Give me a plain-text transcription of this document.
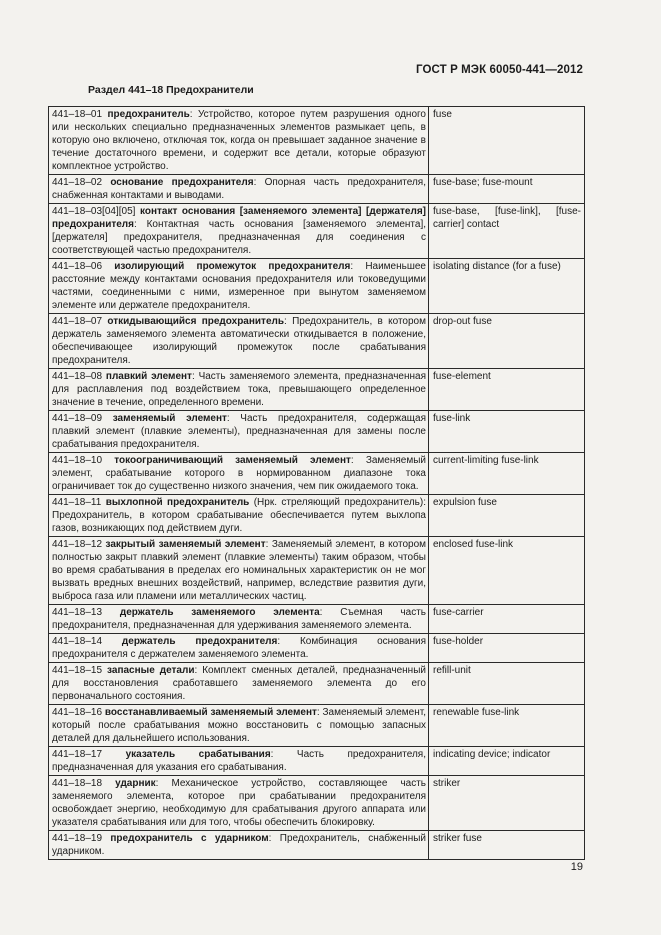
ГОСТ Р МЭК 60050-441—2012
Раздел 441–18 Предохранители
441–18–01 предохранитель: Устройство, которое путем разрушения одного или нескольких специально предназначенных элементов размыкает цепь, в которую оно включено, отключая ток, когда он превышает заданное значение в течение достаточного времени, и содержит все детали, которые образуют комплектное устройство.
fuse
441–18–02 основание предохранителя: Опорная часть предохранителя, снабженная контактами и выводами.
fuse-base; fuse-mount
441–18–03[04][05] контакт основания [заменяемого элемента] [держателя] предохранителя: Контактная часть основания [заменяемого элемента], [держателя] предохранителя, предназначенная для соединения с соответствующей частью предохранителя.
fuse-base, [fuse-link], [fuse-carrier] contact
441–18–06 изолирующий промежуток предохранителя: Наименьшее расстояние между контактами основания предохранителя или токоведущими частями, соединенными с ними, измеренное при вынутом заменяемом элементе или держателе предохранителя.
isolating distance (for a fuse)
441–18–07 откидывающийся предохранитель: Предохранитель, в котором держатель заменяемого элемента автоматически откидывается в положение, обеспечивающее изолирующий промежуток после срабатывания предохранителя.
drop-out fuse
441–18–08 плавкий элемент: Часть заменяемого элемента, предназначенная для расплавления под воздействием тока, превышающего определенное значение в течение, определенного времени.
fuse-element
441–18–09 заменяемый элемент: Часть предохранителя, содержащая плавкий элемент (плавкие элементы), предназначенная для замены после срабатывания предохранителя.
fuse-link
441–18–10 токоограничивающий заменяемый элемент: Заменяемый элемент, срабатывание которого в нормированном диапазоне тока ограничивает ток до существенно низкого значения, чем пик ожидаемого тока.
current-limiting fuse-link
441–18–11 выхлопной предохранитель (Нрк. стреляющий предохранитель): Предохранитель, в котором срабатывание обеспечивается путем выхлопа газов, возникающих под действием дуги.
expulsion fuse
441–18–12 закрытый заменяемый элемент: Заменяемый элемент, в котором полностью закрыт плавкий элемент (плавкие элементы) таким образом, чтобы во время срабатывания в пределах его номинальных характеристик он не мог вызвать вредных внешних воздействий, например, вследствие развития дуги, выброса газа или пламени или металлических частиц.
enclosed fuse-link
441–18–13 держатель заменяемого элемента: Съемная часть предохранителя, предназначенная для удерживания заменяемого элемента.
fuse-carrier
441–18–14 держатель предохранителя: Комбинация основания предохранителя с держателем заменяемого элемента.
fuse-holder
441–18–15 запасные детали: Комплект сменных деталей, предназначенный для восстановления сработавшего заменяемого элемента до его первоначального состояния.
refill-unit
441–18–16 восстанавливаемый заменяемый элемент: Заменяемый элемент, который после срабатывания можно восстановить с помощью запасных деталей для дальнейшего использования.
renewable fuse-link
441–18–17 указатель срабатывания: Часть предохранителя, предназначенная для указания его срабатывания.
indicating device; indicator
441–18–18 ударник: Механическое устройство, составляющее часть заменяемого элемента, которое при срабатывании предохранителя освобождает энергию, необходимую для срабатывания другого аппарата или указателя срабатывания или для того, чтобы обеспечить блокировку.
striker
441–18–19 предохранитель с ударником: Предохранитель, снабженный ударником.
striker fuse
19
